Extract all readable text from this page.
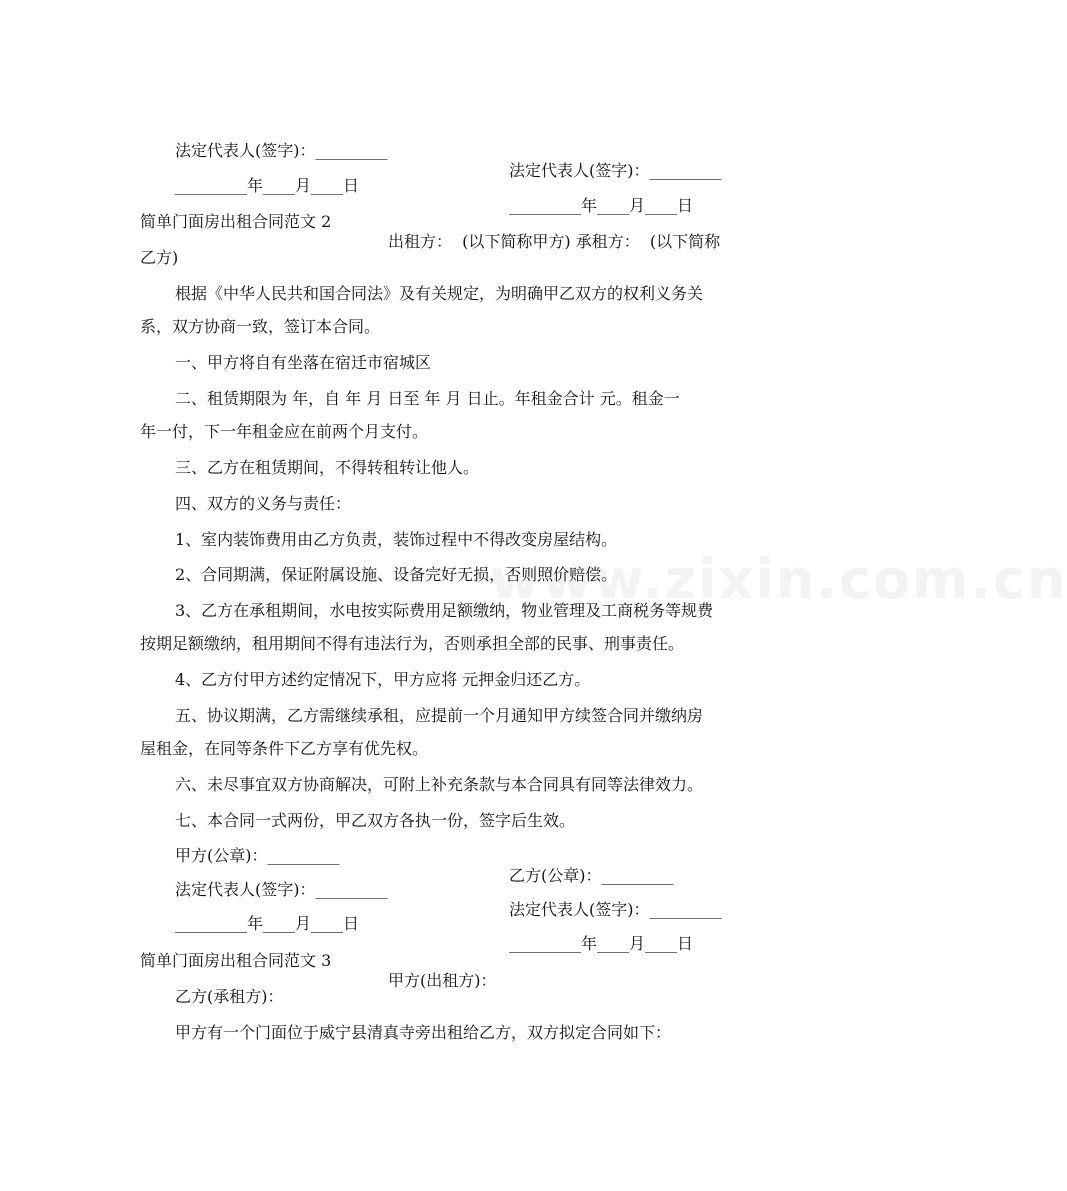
www.zixin.com.cn

法定代表人(签字)：_________

法定代表人(签字)：_________

_________年____月____日

_________年____月____日

简单门面房出租合同范文 2

出租方：  (以下简称甲方) 承租方：  (以下简称

乙方)

根据《中华人民共和国合同法》及有关规定，为明确甲乙双方的权利义务关

系，双方协商一致，签订本合同。

一、甲方将自有坐落在宿迁市宿城区

二、租赁期限为 年，自 年 月 日至 年 月 日止。年租金合计 元。租金一

年一付，下一年租金应在前两个月支付。

三、乙方在租赁期间，不得转租转让他人。

四、双方的义务与责任：

1、室内装饰费用由乙方负责，装饰过程中不得改变房屋结构。

2、合同期满，保证附属设施、设备完好无损，否则照价赔偿。

3、乙方在承租期间，水电按实际费用足额缴纳，物业管理及工商税务等规费

按期足额缴纳，租用期间不得有违法行为，否则承担全部的民事、刑事责任。

4、乙方付甲方述约定情况下，甲方应将 元押金归还乙方。

五、协议期满，乙方需继续承租，应提前一个月通知甲方续签合同并缴纳房

屋租金，在同等条件下乙方享有优先权。

六、未尽事宜双方协商解决，可附上补充条款与本合同具有同等法律效力。

七、本合同一式两份，甲乙双方各执一份，签字后生效。

甲方(公章)：_________

乙方(公章)：_________

法定代表人(签字)：_________

法定代表人(签字)：_________

_________年____月____日

_________年____月____日

简单门面房出租合同范文 3

甲方(出租方)：

乙方(承租方)：

甲方有一个门面位于威宁县清真寺旁出租给乙方，双方拟定合同如下：
